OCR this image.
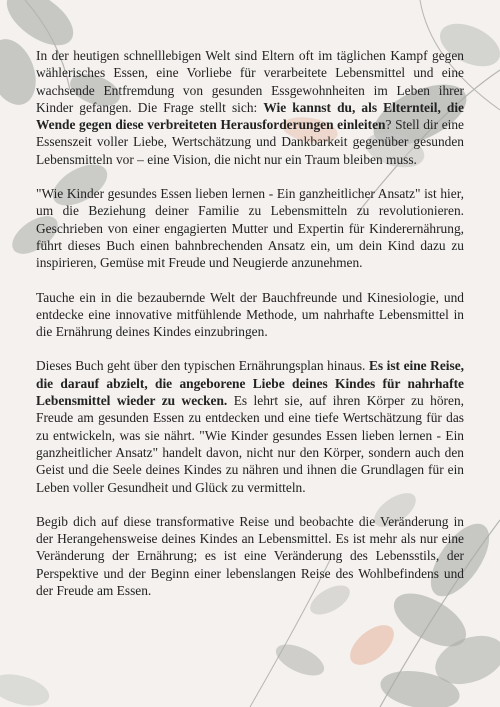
In der heutigen schnelllebigen Welt sind Eltern oft im täglichen Kampf gegen wählerisches Essen, eine Vorliebe für verarbeitete Lebensmittel und eine wachsende Entfremdung von gesunden Essgewohnheiten im Leben ihrer Kinder gefangen. Die Frage stellt sich: Wie kannst du, als Elternteil, die Wende gegen diese verbreiteten Herausforderungen einleiten? Stell dir eine Essenszeit voller Liebe, Wertschätzung und Dankbarkeit gegenüber gesunden Lebensmitteln vor – eine Vision, die nicht nur ein Traum bleiben muss.

"Wie Kinder gesundes Essen lieben lernen - Ein ganzheitlicher Ansatz" ist hier, um die Beziehung deiner Familie zu Lebensmitteln zu revolutionieren. Geschrieben von einer engagierten Mutter und Expertin für Kinderernährung, führt dieses Buch einen bahnbrechenden Ansatz ein, um dein Kind dazu zu inspirieren, Gemüse mit Freude und Neugierde anzunehmen.

Tauche ein in die bezaubernde Welt der Bauchfreunde und Kinesiologie, und entdecke eine innovative mitfühlende Methode, um nahrhafte Lebensmittel in die Ernährung deines Kindes einzubringen.

Dieses Buch geht über den typischen Ernährungsplan hinaus. Es ist eine Reise, die darauf abzielt, die angeborene Liebe deines Kindes für nahrhafte Lebensmittel wieder zu wecken. Es lehrt sie, auf ihren Körper zu hören, Freude am gesunden Essen zu entdecken und eine tiefe Wertschätzung für das zu entwickeln, was sie nährt. "Wie Kinder gesundes Essen lieben lernen - Ein ganzheitlicher Ansatz" handelt davon, nicht nur den Körper, sondern auch den Geist und die Seele deines Kindes zu nähren und ihnen die Grundlagen für ein Leben voller Gesundheit und Glück zu vermitteln.

Begib dich auf diese transformative Reise und beobachte die Veränderung in der Herangehensweise deines Kindes an Lebensmittel. Es ist mehr als nur eine Veränderung der Ernährung; es ist eine Veränderung des Lebensstils, der Perspektive und der Beginn einer lebenslangen Reise des Wohlbefindens und der Freude am Essen.
